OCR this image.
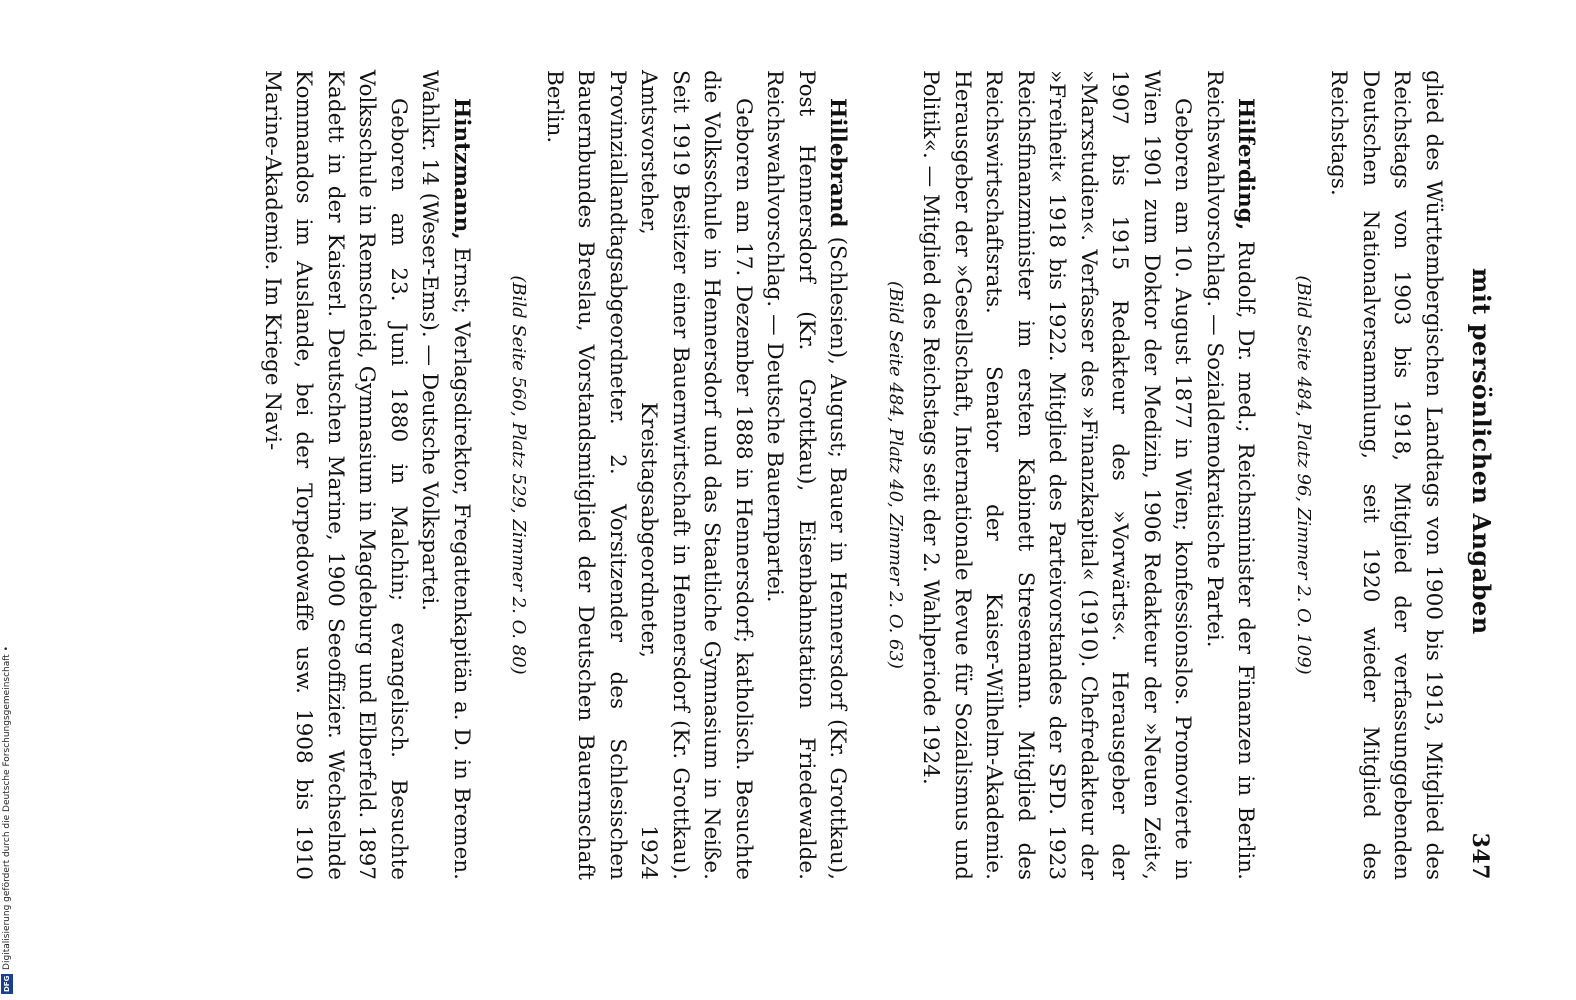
mit persönlichen Angaben
347

glied des Württembergischen Landtags von 1900 bis 1913, Mitglied des Reichstags von 1903 bis 1918, Mitglied der verfassunggebenden Deutschen Nationalversammlung, seit 1920 wieder Mitglied des Reichstags.

(Bild Seite 484, Platz 96, Zimmer 2. O. 109)

Hilferding, Rudolf, Dr. med.; Reichsminister der Finanzen in Berlin. Reichswahlvorschlag. — Sozialdemokratische Partei.

Geboren am 10. August 1877 in Wien; konfessionslos. Promovierte in Wien 1901 zum Doktor der Medizin, 1906 Redakteur der »Neuen Zeit«, 1907 bis 1915 Redakteur des »Vorwärts«. Herausgeber der »Marxstudien«. Verfasser des »Finanzkapital« (1910). Chefredakteur der »Freiheit« 1918 bis 1922. Mitglied des Parteivorstandes der SPD. 1923 Reichsfinanzminister im ersten Kabinett Stresemann. Mitglied des Reichswirtschaftsrats. Senator der Kaiser-Wilhelm-Akademie. Herausgeber der »Gesellschaft, Internationale Revue für Sozialismus und Politik«. — Mitglied des Reichstags seit der 2. Wahlperiode 1924.

(Bild Seite 484, Platz 40, Zimmer 2. O. 63)

Hillebrand (Schlesien), August; Bauer in Hennersdorf (Kr. Grottkau), Post Hennersdorf (Kr. Grottkau), Eisenbahnstation Friedewalde. Reichswahlvorschlag. — Deutsche Bauernpartei.

Geboren am 17. Dezember 1888 in Hennersdorf; katholisch. Besuchte die Volksschule in Hennersdorf und das Staatliche Gymnasium in Neiße. Seit 1919 Besitzer einer Bauernwirtschaft in Hennersdorf (Kr. Grottkau). Amtsvorsteher, Kreistagsabgeordneter, 1924 Provinziallandtagsabgeordneter. 2. Vorsitzender des Schlesischen Bauernbundes Breslau, Vorstandsmitglied der Deutschen Bauernschaft Berlin.

(Bild Seite 560, Platz 529, Zimmer 2. O. 80)

Hintzmann, Ernst; Verlagsdirektor, Fregattenkapitän a. D. in Bremen. Wahlkr. 14 (Weser-Ems). — Deutsche Volkspartei.

Geboren am 23. Juni 1880 in Malchin; evangelisch. Besuchte Volksschule in Remscheid, Gymnasium in Magdeburg und Elberfeld. 1897 Kadett in der Kaiserl. Deutschen Marine, 1900 Seeoffizier. Wechselnde Kommandos im Auslande, bei der Torpedowaffe usw. 1908 bis 1910 Marine-Akademie. Im Kriege Navi-

Digitalisierung gefördert durch die Deutsche Forschungsgemeinschaft •
DFG
